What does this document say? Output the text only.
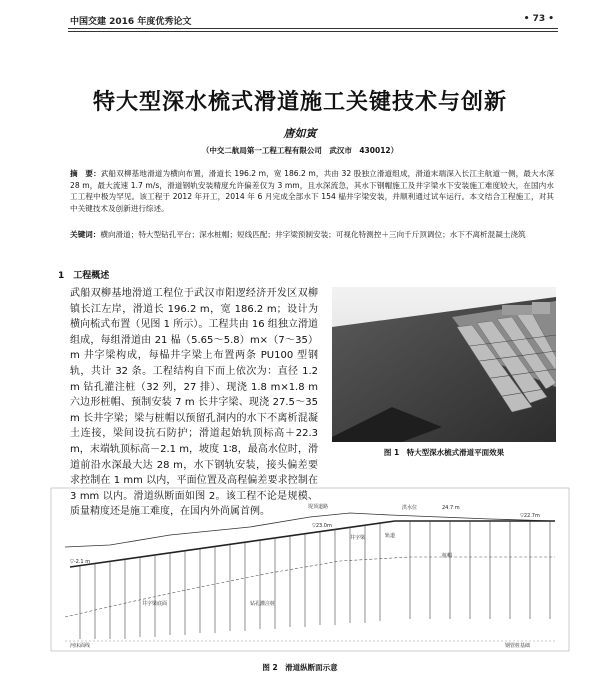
中国交建 2016 年度优秀论文	• 73 •
特大型深水梳式滑道施工关键技术与创新
唐如寅
（中交二航局第一工程工程有限公司　武汉市　430012）
摘　要：武船双柳基地滑道为横向布置，滑道长 196.2 m，宽 186.2 m，共由 32 股独立滑道组成，滑道末端深入长江主航道一侧，最大水深 28 m，最大流速 1.7 m/s，滑道钢轨安装精度允许偏差仅为 3 mm，且水深流急，其水下钢帽施工及井字梁水下安装施工难度较大，在国内水工工程中极为罕见。该工程于 2012 年开工，2014 年 6 月完成全部水下 154 榀井字梁安装，并顺利通过试车运行。本文结合工程施工，对其中关键技术及创新进行综述。
关键词：横向滑道；特大型钻孔平台；深水桩帽；短线匹配；井字梁预制安装；可视化特测控＋三向千斤顶调位；水下不离析混凝土浇筑
1　工程概述
武船双柳基地滑道工程位于武汉市阳逻经济开发区双柳镇长江左岸，滑道长 196.2 m，宽 186.2 m；设计为横向梳式布置（见图 1 所示）。工程共由 16 组独立滑道组成，每组滑道由 21 榀（5.65～5.8）m×（7～35）m 井字梁构成，每榀井字梁上布置两条 PU100 型钢轨，共计 32 条。工程结构自下而上依次为：直径 1.2 m 钻孔灌注桩（32 列，27 排）、现浇 1.8 m×1.8 m 六边形桩帽、预制安装 7 m 长井字梁、现浇 27.5～35 m 长井字梁；梁与桩帽以预留孔洞内的水下不离析混凝土连接，梁间设抗石防护；滑道起始轨顶标高＋22.3 m，末端轨顶标高－2.1 m，坡度 1∶8，最高水位时，滑道前沿水深最大达 28 m，水下钢轨安装，接头偏差要求控制在 1 mm 以内，平面位置及高程偏差要求控制在 3 mm 以内。滑道纵断面如图 2。该工程不论是规模、质量精度还是施工难度，在国内外尚属首例。
图 1　特大型深水梳式滑道平面效果
洪水位
堤顶道路	24.7 m
▽23.0m
▽22.7m
▽-2.1 m
井字梁	轨道
桩帽
井字梁底面	钻孔灌注桩
河床面线	钢管桩基础
图 2　滑道纵断面示意
